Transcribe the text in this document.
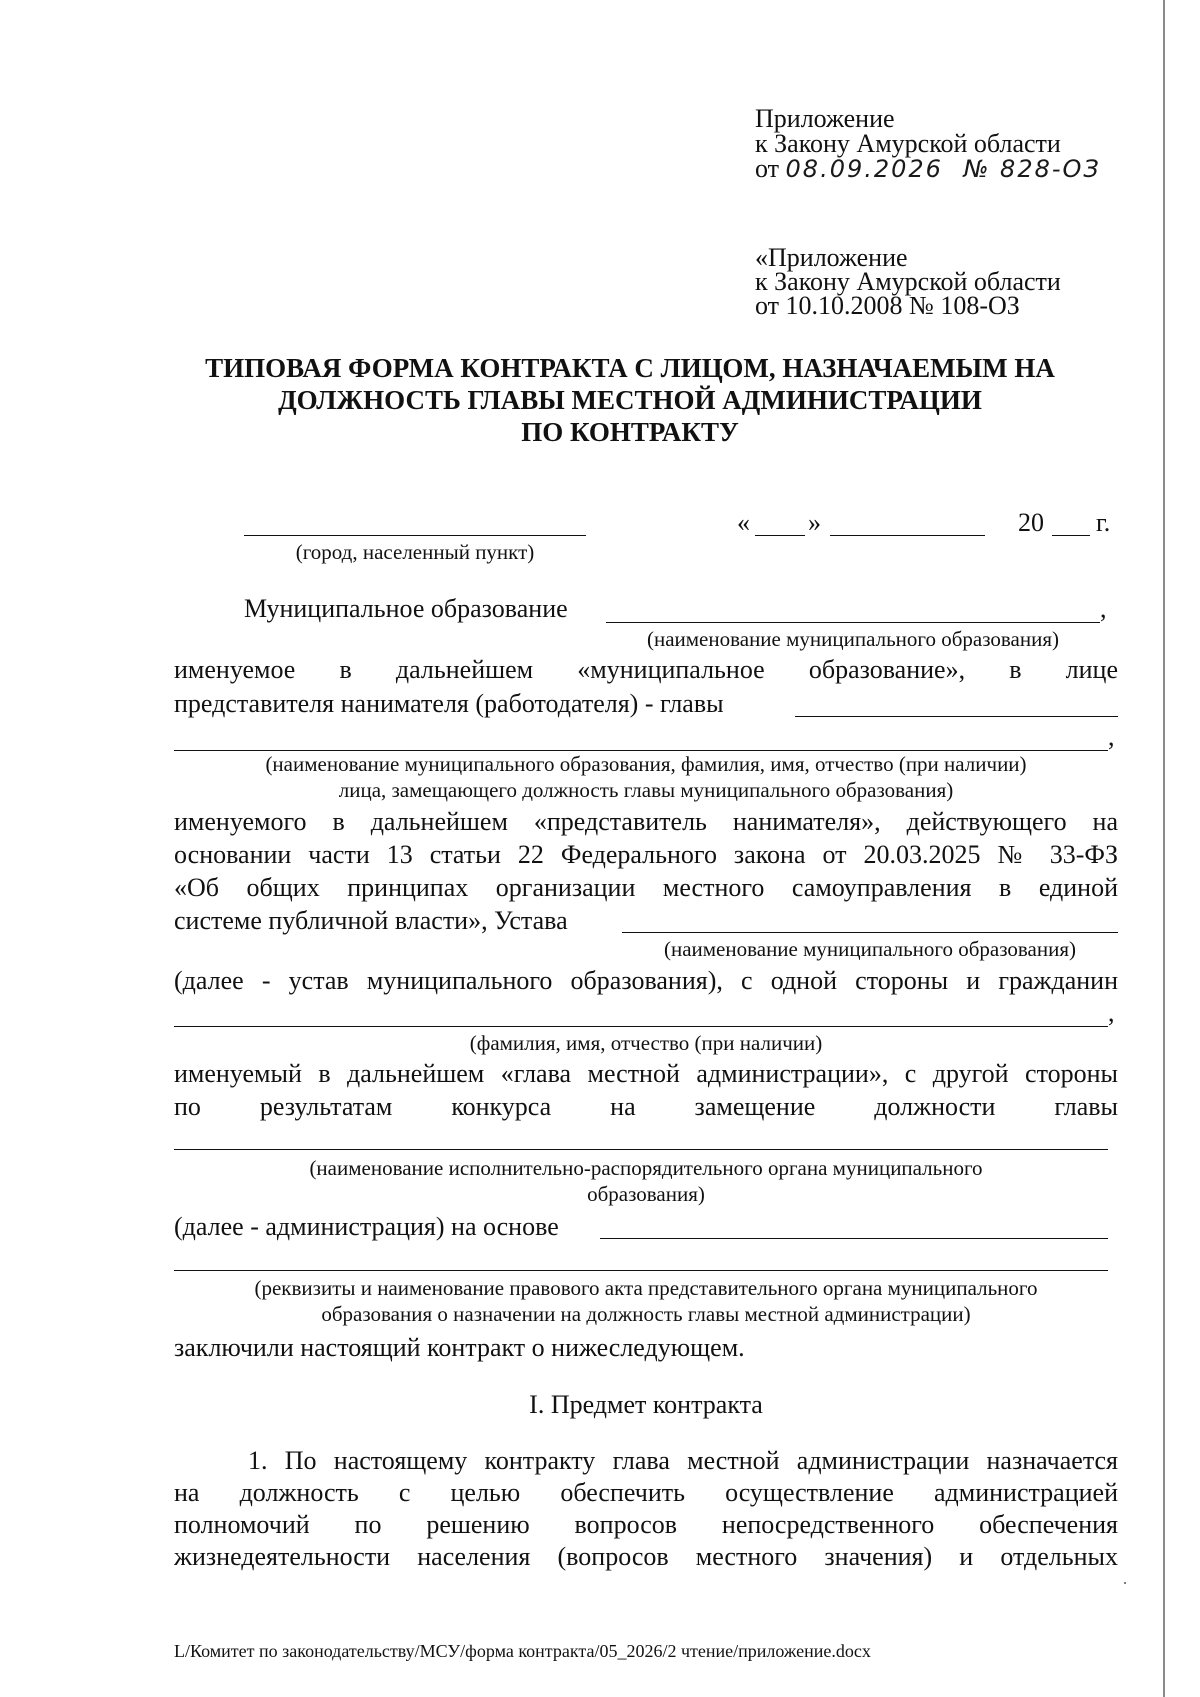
Приложение
к Закону Амурской области
от 08.09.2026 № 828-ОЗ
«Приложение
к Закону Амурской области
от 10.10.2008 № 108-ОЗ
ТИПОВАЯ ФОРМА КОНТРАКТА С ЛИЦОМ, НАЗНАЧАЕМЫМ НА
ДОЛЖНОСТЬ ГЛАВЫ МЕСТНОЙ АДМИНИСТРАЦИИ
ПО КОНТРАКТУ
(город, населенный пункт)
« »	20 г.
Муниципальное образование	,
(наименование муниципального образования)
именуемое в дальнейшем «муниципальное образование», в лице
представителя нанимателя (работодателя) - главы
,
(наименование муниципального образования, фамилия, имя, отчество (при наличии)
лица, замещающего должность главы муниципального образования)
именуемого в дальнейшем «представитель нанимателя», действующего на
основании части 13 статьи 22 Федерального закона от 20.03.2025 № 33-ФЗ
«Об общих принципах организации местного самоуправления в единой
системе публичной власти», Устава
(наименование муниципального образования)
(далее - устав муниципального образования), с одной стороны и гражданин
,
(фамилия, имя, отчество (при наличии)
именуемый в дальнейшем «глава местной администрации», с другой стороны
по результатам конкурса на замещение должности главы
(наименование исполнительно-распорядительного органа муниципального
образования)
(далее - администрация) на основе
(реквизиты и наименование правового акта представительного органа муниципального
образования о назначении на должность главы местной администрации)
заключили настоящий контракт о нижеследующем.
I. Предмет контракта
1. По настоящему контракту глава местной администрации назначается
на должность с целью обеспечить осуществление администрацией
полномочий по решению вопросов непосредственного обеспечения
жизнедеятельности населения (вопросов местного значения) и отдельных
L/Комитет по законодательству/МСУ/форма контракта/05_2026/2 чтение/приложение.docx
